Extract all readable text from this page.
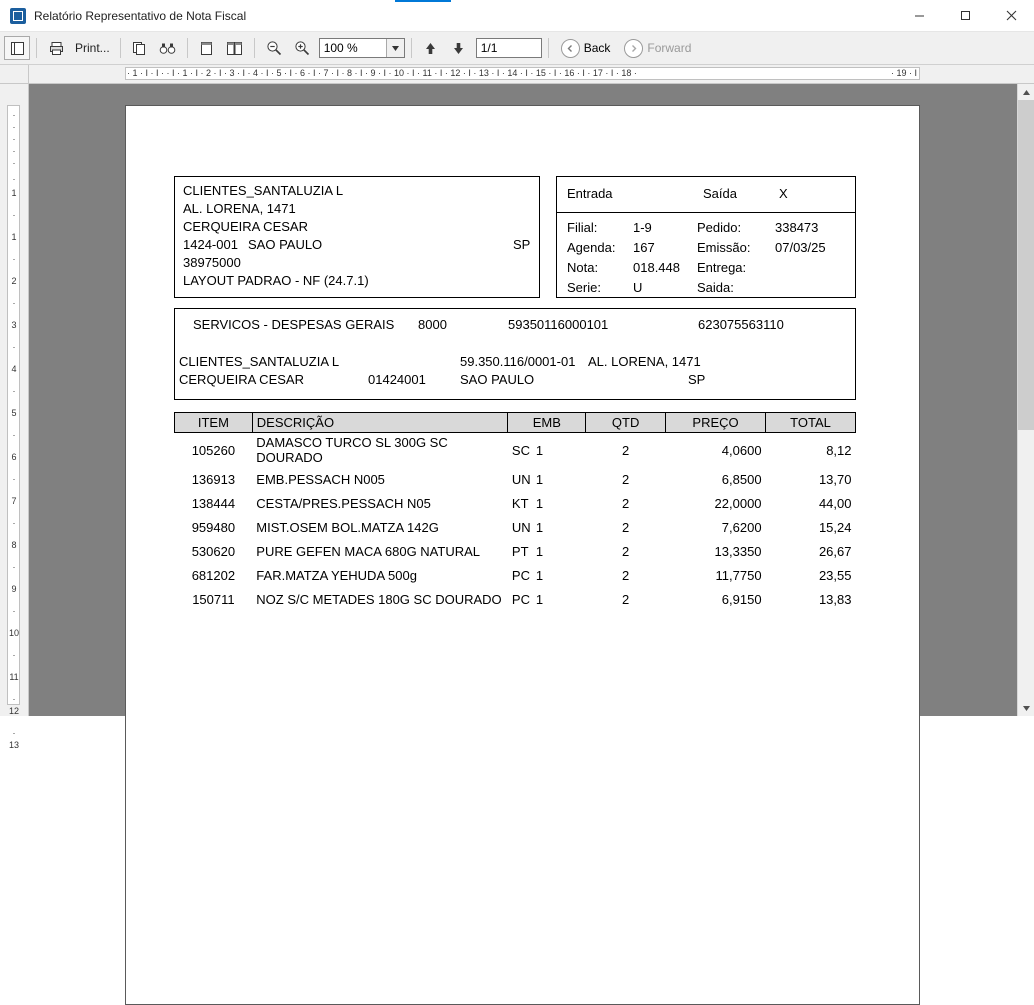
Relatório Representativo de Nota Fiscal
Print...	100 %	1/1	Back	Forward
· 1 · I · I · · I · 1 · I · 2 · I · 3 · I · 4 · I · 5 · I · 6 · I · 7 · I · 8 · I · 9 · I · 10 · I · 11 · I · 12 · I · 13 · I · 14 · I · 15 · I · 16 · I · 17 · I · 18 ·	· 19 · I
·
·
·
·
·
·
1
·
1
·
2
·
3
·
4
·
5
·
6
·
7
·
8
·
9
·
10
·
11
·
12
·
13
CLIENTES_SANTALUZIA L
AL. LORENA, 1471
CERQUEIRA CESAR
1424-001 SAO PAULO	SP
38975000
LAYOUT PADRAO - NF (24.7.1)
Entrada	Saída	X
Filial:	1-9	Pedido:	338473
Agenda: 167	Emissão: 07/03/25
Nota:	018.448 Entrega:
Serie: U	Saida:
SERVICOS - DESPESAS GERAIS 8000	59350116000101	623075563110
CLIENTES_SANTALUZIA L	59.350.116/0001-01 AL. LORENA, 1471
CERQUEIRA CESAR	01424001	SAO PAULO	SP
ITEM	DESCRIÇÃO	EMB	QTD	PREÇO	TOTAL
105260	DAMASCO TURCO SL 300G SC DOURADO	SC 1	2	4,0600	8,12
136913	EMB.PESSACH N005	UN 1	2	6,8500	13,70
138444	CESTA/PRES.PESSACH N05	KT 1	2	22,0000	44,00
959480	MIST.OSEM BOL.MATZA 142G	UN 1	2	7,6200	15,24
530620	PURE GEFEN MACA 680G NATURAL	PT 1	2	13,3350	26,67
681202	FAR.MATZA YEHUDA 500g	PC 1	2	11,7750	23,55
150711	NOZ S/C METADES 180G SC DOURADO	PC 1	2	6,9150	13,83
